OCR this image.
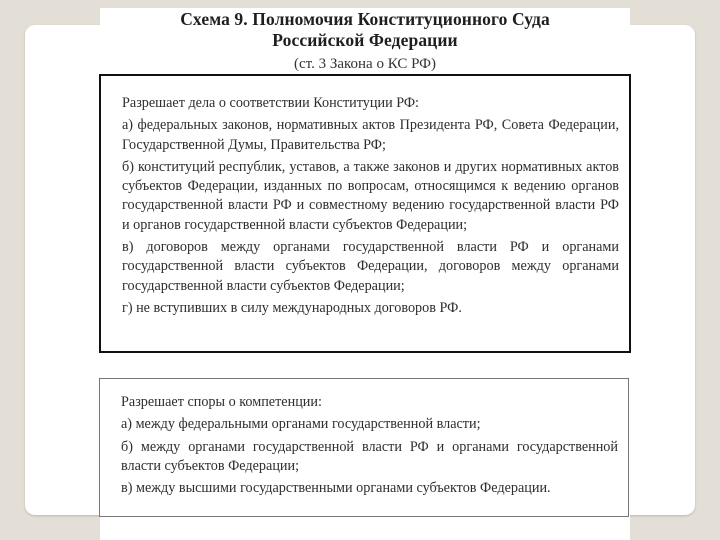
Схема 9. Полномочия Конституционного Суда
Российской Федерации
(ст. 3 Закона о КС РФ)
Разрешает дела о соответствии Конституции РФ:
а) федеральных законов, нормативных актов Президента РФ, Совета Федерации, Государственной Думы, Правительства РФ;
б) конституций республик, уставов, а также законов и других нормативных актов субъектов Федерации, изданных по вопросам, относящимся к ведению органов государственной власти РФ и совместному ведению государственной власти РФ и органов государственной власти субъектов Федерации;
в) договоров между органами государственной власти РФ и органами государственной власти субъектов Федерации, договоров между органами государственной власти субъектов Федерации;
г) не вступивших в силу международных договоров РФ.
Разрешает споры о компетенции:
а) между федеральными органами государственной власти;
б) между органами государственной власти РФ и органами государственной власти субъектов Федерации;
в) между высшими государственными органами субъектов Федерации.
